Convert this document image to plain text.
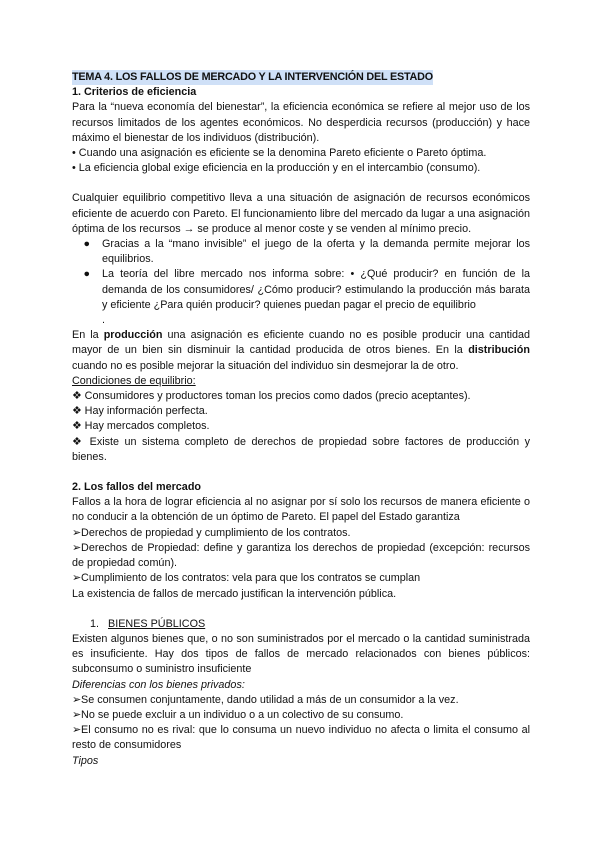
TEMA 4. LOS FALLOS DE MERCADO Y LA INTERVENCIÓN DEL ESTADO

1. Criterios de eficiencia

Para la “nueva economía del bienestar”, la eficiencia económica se refiere al mejor uso de los recursos limitados de los agentes económicos. No desperdicia recursos (producción) y hace máximo el bienestar de los individuos (distribución).

• Cuando una asignación es eficiente se la denomina Pareto eficiente o Pareto óptima.

• La eficiencia global exige eficiencia en la producción y en el intercambio (consumo).

Cualquier equilibrio competitivo lleva a una situación de asignación de recursos económicos eficiente de acuerdo con Pareto. El funcionamiento libre del mercado da lugar a una asignación óptima de los recursos → se produce al menor coste y se venden al mínimo precio.

●	Gracias a la “mano invisible” el juego de la oferta y la demanda permite mejorar los equilibrios.
●	La teoría del libre mercado nos informa sobre: • ¿Qué producir? en función de la demanda de los consumidores/ ¿Cómo producir? estimulando la producción más barata y eficiente ¿Para quién producir? quienes puedan pagar el precio de equilibrio
.

En la producción una asignación es eficiente cuando no es posible producir una cantidad mayor de un bien sin disminuir la cantidad producida de otros bienes. En la distribución cuando no es posible mejorar la situación del individuo sin desmejorar la de otro.

Condiciones de equilibrio:

❖ Consumidores y productores toman los precios como dados (precio aceptantes).

❖ Hay información perfecta.

❖ Hay mercados completos.

❖ Existe un sistema completo de derechos de propiedad sobre factores de producción y bienes.

2. Los fallos del mercado

Fallos a la hora de lograr eficiencia al no asignar por sí solo los recursos de manera eficiente o no conducir a la obtención de un óptimo de Pareto. El papel del Estado garantiza

➢Derechos de propiedad y cumplimiento de los contratos.

➢Derechos de Propiedad: define y garantiza los derechos de propiedad (excepción: recursos de propiedad común).

➢Cumplimiento de los contratos: vela para que los contratos se cumplan

La existencia de fallos de mercado justifican la intervención pública.

1. BIENES PÚBLICOS

Existen algunos bienes que, o no son suministrados por el mercado o la cantidad suministrada es insuficiente. Hay dos tipos de fallos de mercado relacionados con bienes públicos: subconsumo o suministro insuficiente

Diferencias con los bienes privados:

➢Se consumen conjuntamente, dando utilidad a más de un consumidor a la vez.

➢No se puede excluir a un individuo o a un colectivo de su consumo.

➢El consumo no es rival: que lo consuma un nuevo individuo no afecta o limita el consumo al resto de consumidores

Tipos
